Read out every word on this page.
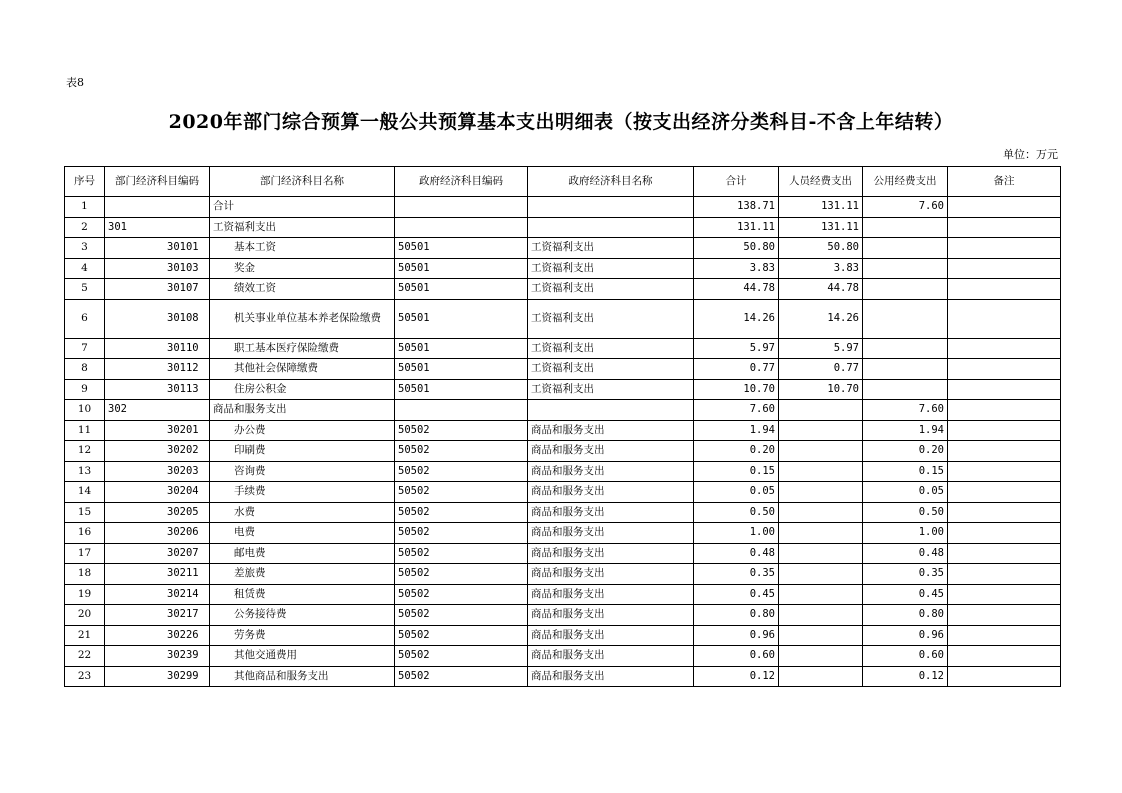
表8
2020年部门综合预算一般公共预算基本支出明细表（按支出经济分类科目-不含上年结转）
单位：万元
序号	部门经济科目编码	部门经济科目名称	政府经济科目编码	政府经济科目名称	合计	人员经费支出	公用经费支出	备注
1		合计			138.71	131.11	7.60	
2	301	工资福利支出			131.11	131.11		
3	30101	基本工资	50501	工资福利支出	50.80	50.80		
4	30103	奖金	50501	工资福利支出	3.83	3.83		
5	30107	绩效工资	50501	工资福利支出	44.78	44.78		
6	30108	机关事业单位基本养老保险缴费	50501	工资福利支出	14.26	14.26		
7	30110	职工基本医疗保险缴费	50501	工资福利支出	5.97	5.97		
8	30112	其他社会保障缴费	50501	工资福利支出	0.77	0.77		
9	30113	住房公积金	50501	工资福利支出	10.70	10.70		
10	302	商品和服务支出			7.60		7.60	
11	30201	办公费	50502	商品和服务支出	1.94		1.94	
12	30202	印刷费	50502	商品和服务支出	0.20		0.20	
13	30203	咨询费	50502	商品和服务支出	0.15		0.15	
14	30204	手续费	50502	商品和服务支出	0.05		0.05	
15	30205	水费	50502	商品和服务支出	0.50		0.50	
16	30206	电费	50502	商品和服务支出	1.00		1.00	
17	30207	邮电费	50502	商品和服务支出	0.48		0.48	
18	30211	差旅费	50502	商品和服务支出	0.35		0.35	
19	30214	租赁费	50502	商品和服务支出	0.45		0.45	
20	30217	公务接待费	50502	商品和服务支出	0.80		0.80	
21	30226	劳务费	50502	商品和服务支出	0.96		0.96	
22	30239	其他交通费用	50502	商品和服务支出	0.60		0.60	
23	30299	其他商品和服务支出	50502	商品和服务支出	0.12		0.12	
